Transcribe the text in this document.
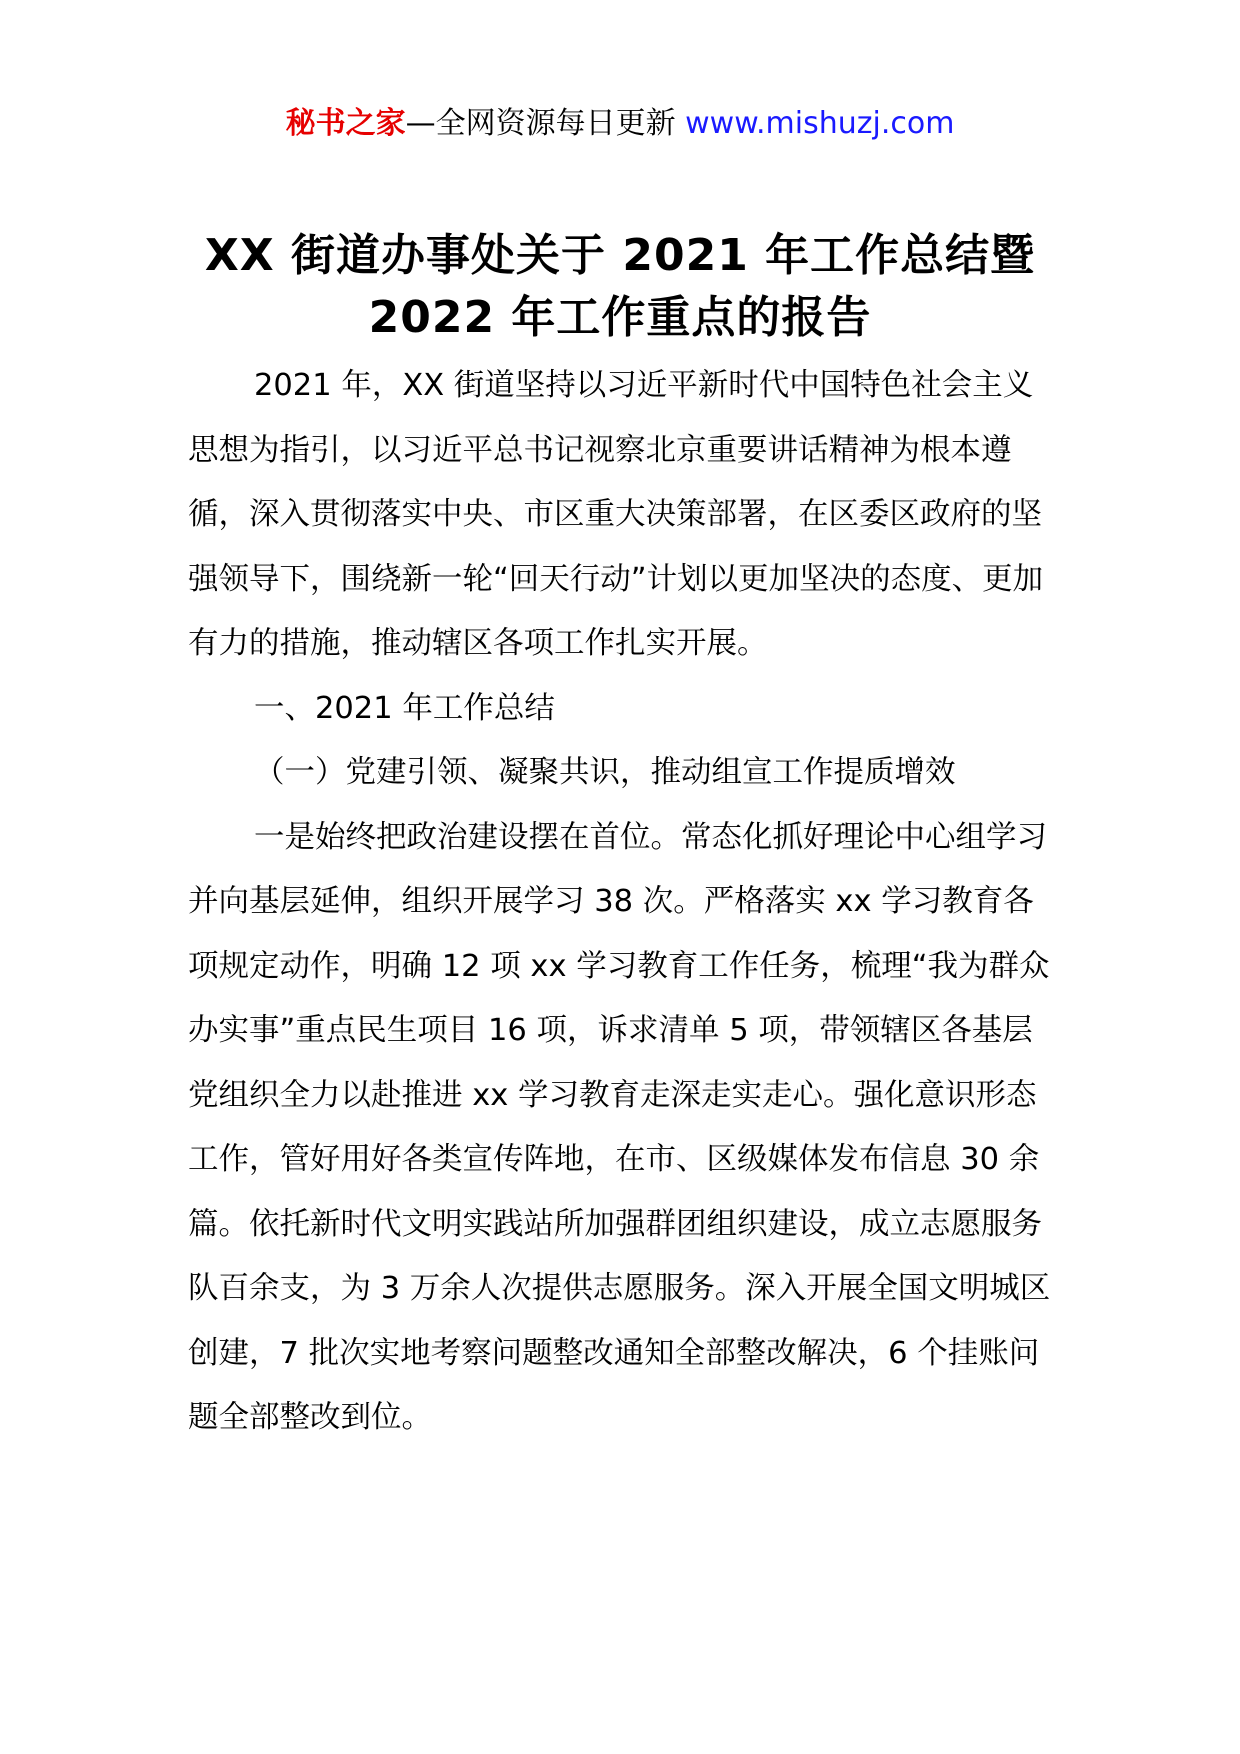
秘书之家—全网资源每日更新 www.mishuzj.com
XX 街道办事处关于 2021 年工作总结暨
2022 年工作重点的报告

2021 年，XX 街道坚持以习近平新时代中国特色社会主义思想为指引，以习近平总书记视察北京重要讲话精神为根本遵循，深入贯彻落实中央、市区重大决策部署，在区委区政府的坚强领导下，围绕新一轮“回天行动”计划以更加坚决的态度、更加有力的措施，推动辖区各项工作扎实开展。

一、2021 年工作总结

（一）党建引领、凝聚共识，推动组宣工作提质增效

一是始终把政治建设摆在首位。常态化抓好理论中心组学习并向基层延伸，组织开展学习 38 次。严格落实 xx 学习教育各项规定动作，明确 12 项 xx 学习教育工作任务，梳理“我为群众办实事”重点民生项目 16 项，诉求清单 5 项，带领辖区各基层党组织全力以赴推进 xx 学习教育走深走实走心。强化意识形态工作，管好用好各类宣传阵地，在市、区级媒体发布信息 30 余篇。依托新时代文明实践站所加强群团组织建设，成立志愿服务队百余支，为 3 万余人次提供志愿服务。深入开展全国文明城区创建，7 批次实地考察问题整改通知全部整改解决，6 个挂账问题全部整改到位。
